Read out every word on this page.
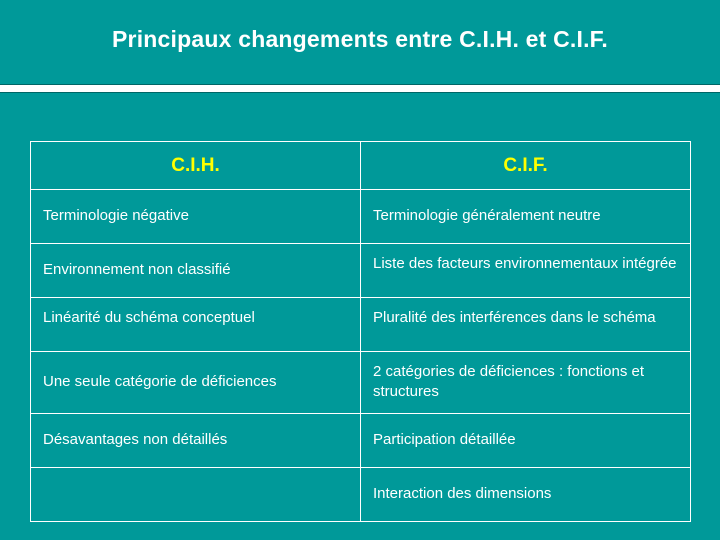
Principaux changements entre C.I.H. et C.I.F.
C.I.H.	C.I.F.
Terminologie négative	Terminologie généralement neutre
Environnement non classifié	Liste des facteurs environnementaux intégrée
Linéarité du schéma conceptuel	Pluralité des interférences dans le schéma
Une seule catégorie de déficiences	2 catégories de déficiences : fonctions et structures
Désavantages non détaillés	Participation détaillée
	Interaction des dimensions
